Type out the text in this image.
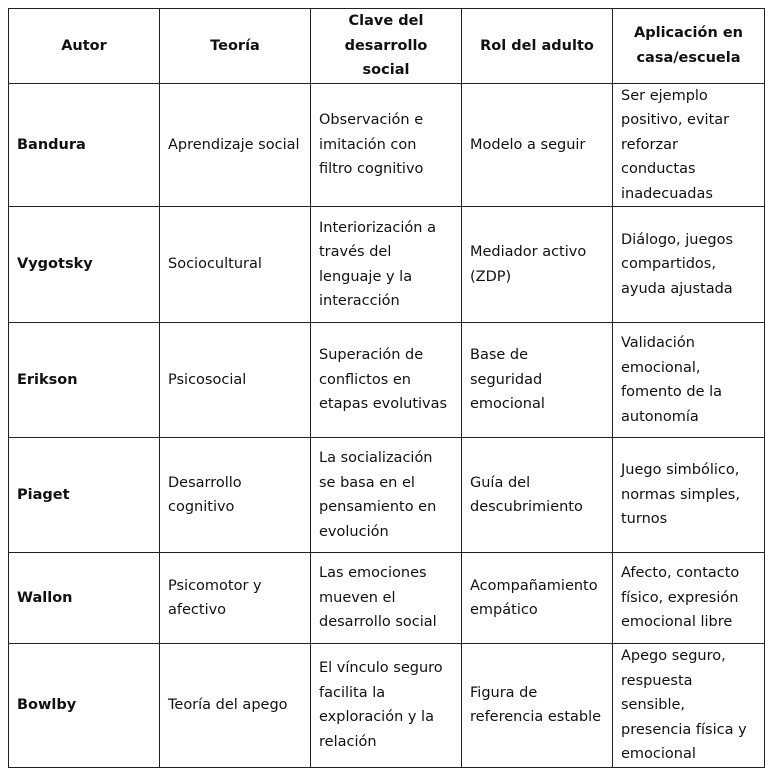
Autor	Teoría	Clave del desarrollo social	Rol del adulto	Aplicación en casa/escuela
Bandura	Aprendizaje social	Observación e imitación con filtro cognitivo	Modelo a seguir	Ser ejemplo positivo, evitar reforzar conductas inadecuadas
Vygotsky	Sociocultural	Interiorización a través del lenguaje y la interacción	Mediador activo (ZDP)	Diálogo, juegos compartidos, ayuda ajustada
Erikson	Psicosocial	Superación de conflictos en etapas evolutivas	Base de seguridad emocional	Validación emocional, fomento de la autonomía
Piaget	Desarrollo cognitivo	La socialización se basa en el pensamiento en evolución	Guía del descubrimiento	Juego simbólico, normas simples, turnos
Wallon	Psicomotor y afectivo	Las emociones mueven el desarrollo social	Acompañamiento empático	Afecto, contacto físico, expresión emocional libre
Bowlby	Teoría del apego	El vínculo seguro facilita la exploración y la relación	Figura de referencia estable	Apego seguro, respuesta sensible, presencia física y emocional
